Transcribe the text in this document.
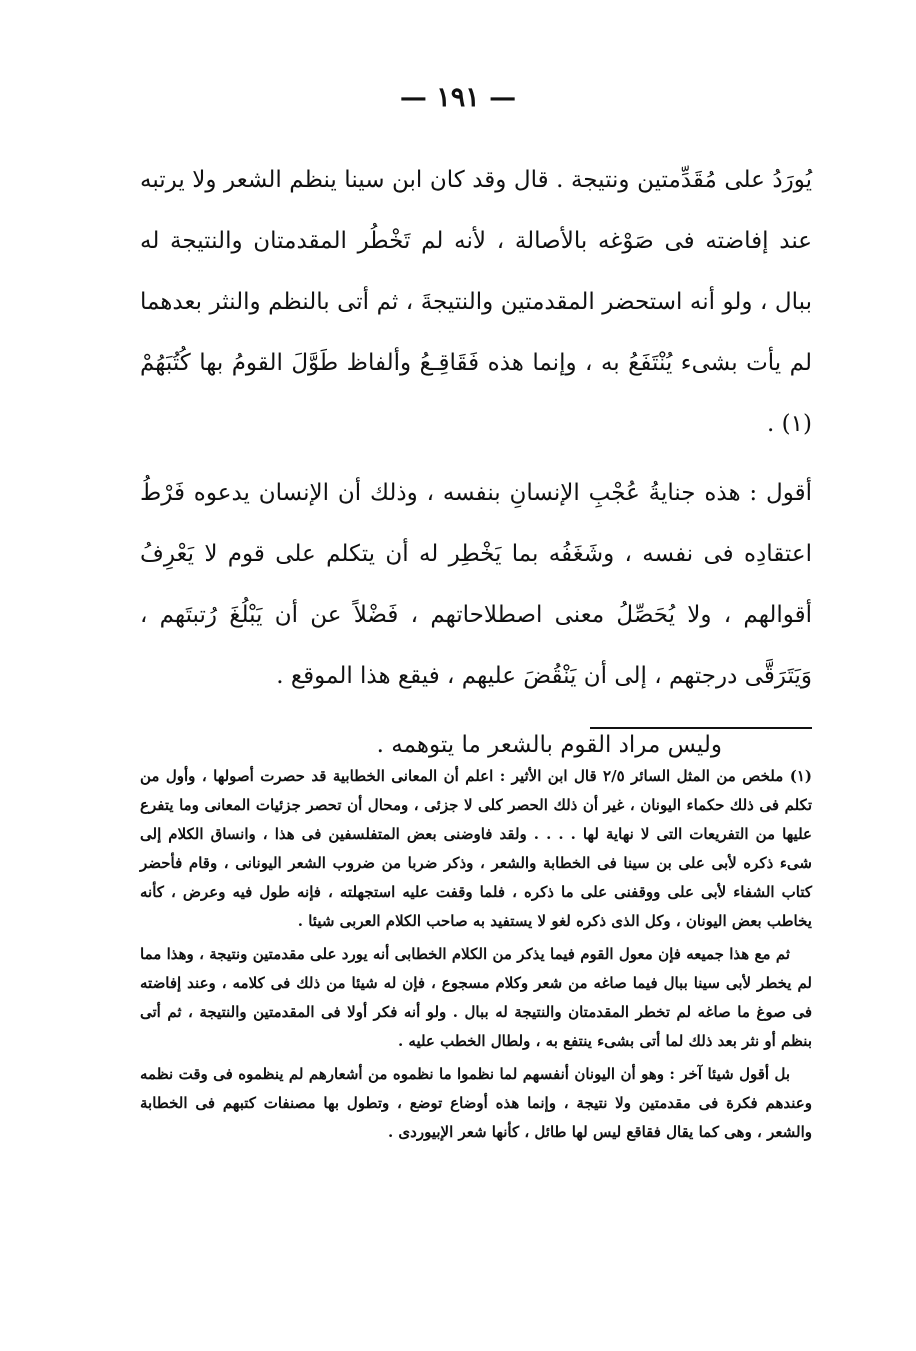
— ١٩١ —

يُورَدُ على مُقَدِّمتين ونتيجة . قال وقد كان ابن سينا ينظم الشعر ولا يرتبه عند إفاضته فى صَوْغه بالأصالة ، لأنه لم تَخْطُر المقدمتان والنتيجة له ببال ، ولو أنه استحضر المقدمتين والنتيجةَ ، ثم أتى بالنظم والنثر بعدهما لم يأت بشىء يُنْتَفَعُ به ، وإنما هذه فَقَاقِـعُ وألفاظ طَوَّلَ القومُ بها كُتُبَهُمْ (١) .

أقول : هذه جنايةُ عُجْبِ الإنسانِ بنفسه ، وذلك أن الإنسان يدعوه فَرْطُ اعتقادِه فى نفسه ، وشَغَفُه بما يَخْطِر له أن يتكلم على قوم لا يَعْرِفُ أقوالهم ، ولا يُحَصِّلُ معنى اصطلاحاتهم ، فَضْلاً عن أن يَبْلُغَ رُتبتَهم ، وَيَتَرَقَّى درجتهم ، إلى أن يَنْقُضَ عليهم ، فيقع هذا الموقع .

وليس مراد القوم بالشعر ما يتوهمه .

(١) ملخص من المثل السائر ٢/٥ قال ابن الأثير : اعلم أن المعانى الخطابية قد حصرت أصولها ، وأول من تكلم فى ذلك حكماء اليونان ، غير أن ذلك الحصر كلى لا جزئى ، ومحال أن تحصر جزئيات المعانى وما يتفرع عليها من التفريعات التى لا نهاية لها . . . . ولقد فاوضنى بعض المتفلسفين فى هذا ، وانساق الكلام إلى شىء ذكره لأبى على بن سينا فى الخطابة والشعر ، وذكر ضربا من ضروب الشعر اليونانى ، وقام فأحضر كتاب الشفاء لأبى على ووقفنى على ما ذكره ، فلما وقفت عليه استجهلته ، فإنه طول فيه وعرض ، كأنه يخاطب بعض اليونان ، وكل الذى ذكره لغو لا يستفيد به صاحب الكلام العربى شيئا .

ثم مع هذا جميعه فإن معول القوم فيما يذكر من الكلام الخطابى أنه يورد على مقدمتين ونتيجة ، وهذا مما لم يخطر لأبى سينا ببال فيما صاغه من شعر وكلام مسجوع ، فإن له شيئا من ذلك فى كلامه ، وعند إفاضته فى صوغ ما صاغه لم تخطر المقدمتان والنتيجة له ببال . ولو أنه فكر أولا فى المقدمتين والنتيجة ، ثم أتى بنظم أو نثر بعد ذلك لما أتى بشىء ينتفع به ، ولطال الخطب عليه .

بل أقول شيئا آخر : وهو أن اليونان أنفسهم لما نظموا ما نظموه من أشعارهم لم ينظموه فى وقت نظمه وعندهم فكرة فى مقدمتين ولا نتيجة ، وإنما هذه أوضاع توضع ، وتطول بها مصنفات كتبهم فى الخطابة والشعر ، وهى كما يقال فقاقع ليس لها طائل ، كأنها شعر الإبيوردى .
